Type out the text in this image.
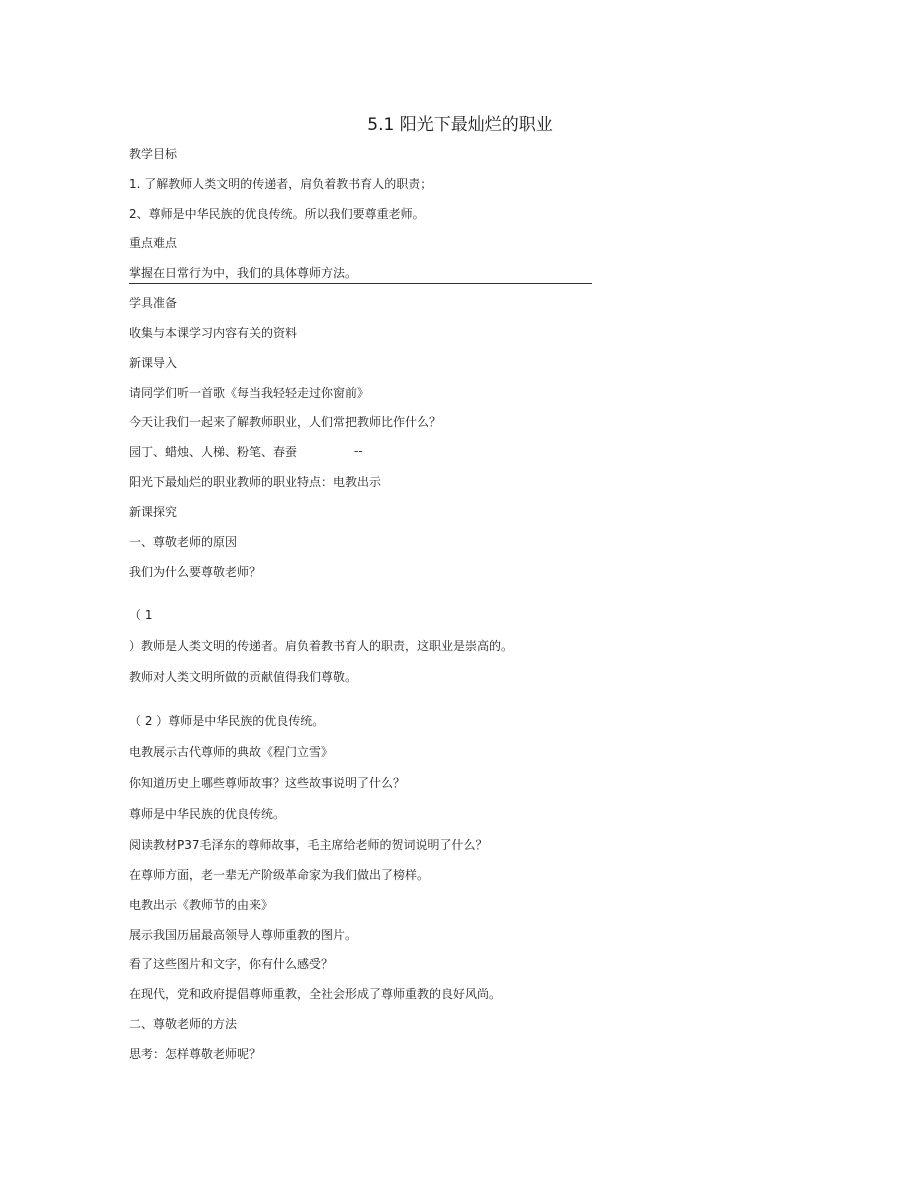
5.1 阳光下最灿烂的职业
教学目标
1. 了解教师人类文明的传递者，肩负着教书育人的职责；
2、尊师是中华民族的优良传统。所以我们要尊重老师。
重点难点
掌握在日常行为中，我们的具体尊师方法。
学具准备
收集与本课学习内容有关的资料
新课导入
请同学们听一首歌《每当我轻轻走过你窗前》
今天让我们一起来了解教师职业，人们常把教师比作什么？
园丁、蜡烛、人梯、粉笔、春蚕	--
阳光下最灿烂的职业教师的职业特点：电教出示
新课探究
一、尊敬老师的原因
我们为什么要尊敬老师？
（ 1
）教师是人类文明的传递者。肩负着教书育人的职责，这职业是崇高的。
教师对人类文明所做的贡献值得我们尊敬。
（ 2 ）尊师是中华民族的优良传统。
电教展示古代尊师的典故《程门立雪》
你知道历史上哪些尊师故事？这些故事说明了什么？
尊师是中华民族的优良传统。
阅读教材P37毛泽东的尊师故事，毛主席给老师的贺词说明了什么？
在尊师方面，老一辈无产阶级革命家为我们做出了榜样。
电教出示《教师节的由来》
展示我国历届最高领导人尊师重教的图片。
看了这些图片和文字，你有什么感受？
在现代，党和政府提倡尊师重教，全社会形成了尊师重教的良好风尚。
二、尊敬老师的方法
思考：怎样尊敬老师呢？
